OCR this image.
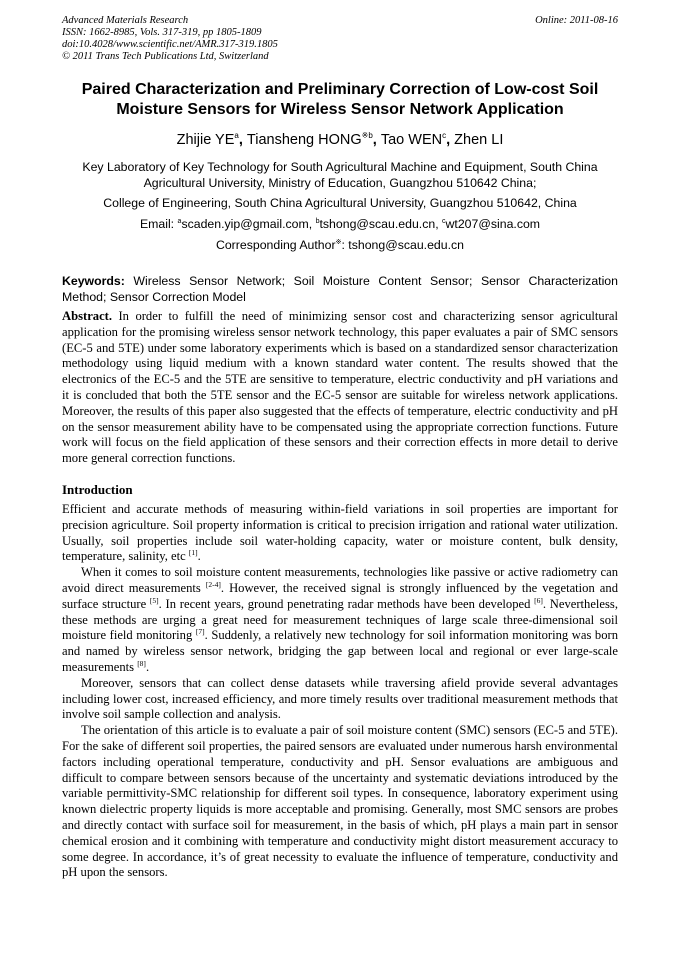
Advanced Materials Research
ISSN: 1662-8985, Vols. 317-319, pp 1805-1809
doi:10.4028/www.scientific.net/AMR.317-319.1805
© 2011 Trans Tech Publications Ltd, Switzerland
Online: 2011-08-16
Paired Characterization and Preliminary Correction of Low-cost Soil Moisture Sensors for Wireless Sensor Network Application
Zhijie $YE^a$, Tiansheng HONG$^{※b}$, Tao WEN$^c$, Zhen LI
Key Laboratory of Key Technology for South Agricultural Machine and Equipment, South China Agricultural University, Ministry of Education, Guangzhou 510642 China;
College of Engineering, South China Agricultural University, Guangzhou 510642, China
Email: $^a$scaden.yip@gmail.com, $^b$tshong@scau.edu.cn, $^c$wt207@sina.com
Corresponding Author※: tshong@scau.edu.cn
Keywords: Wireless Sensor Network; Soil Moisture Content Sensor; Sensor Characterization Method; Sensor Correction Model

Abstract. In order to fulfill the need of minimizing sensor cost and characterizing sensor agricultural application for the promising wireless sensor network technology, this paper evaluates a pair of SMC sensors (EC-5 and 5TE) under some laboratory experiments which is based on a standardized sensor characterization methodology using liquid medium with a known standard water content. The results showed that the electronics of the EC-5 and the 5TE are sensitive to temperature, electric conductivity and pH variations and it is concluded that both the 5TE sensor and the EC-5 sensor are suitable for wireless network applications. Moreover, the results of this paper also suggested that the effects of temperature, electric conductivity and pH on the sensor measurement ability have to be compensated using the appropriate correction functions. Future work will focus on the field application of these sensors and their correction effects in more detail to derive more general correction functions.

Introduction

Efficient and accurate methods of measuring within-field variations in soil properties are important for precision agriculture. Soil property information is critical to precision irrigation and rational water utilization. Usually, soil properties include soil water-holding capacity, water or moisture content, bulk density, temperature, salinity, etc [1].

When it comes to soil moisture content measurements, technologies like passive or active radiometry can avoid direct measurements [2-4]. However, the received signal is strongly influenced by the vegetation and surface structure [5]. In recent years, ground penetrating radar methods have been developed [6]. Nevertheless, these methods are urging a great need for measurement techniques of large scale three-dimensional soil moisture field monitoring [7]. Suddenly, a relatively new technology for soil information monitoring was born and named by wireless sensor network, bridging the gap between local and regional or ever large-scale measurements [8].

Moreover, sensors that can collect dense datasets while traversing afield provide several advantages including lower cost, increased efficiency, and more timely results over traditional measurement methods that involve soil sample collection and analysis.

The orientation of this article is to evaluate a pair of soil moisture content (SMC) sensors (EC-5 and 5TE). For the sake of different soil properties, the paired sensors are evaluated under numerous harsh environmental factors including operational temperature, conductivity and pH. Sensor evaluations are ambiguous and difficult to compare between sensors because of the uncertainty and systematic deviations introduced by the variable permittivity-SMC relationship for different soil types. In consequence, laboratory experiment using known dielectric property liquids is more acceptable and promising. Generally, most SMC sensors are probes and directly contact with surface soil for measurement, in the basis of which, pH plays a main part in sensor chemical erosion and it combining with temperature and conductivity might distort measurement accuracy to some degree. In accordance, it’s of great necessity to evaluate the influence of temperature, conductivity and pH upon the sensors.
